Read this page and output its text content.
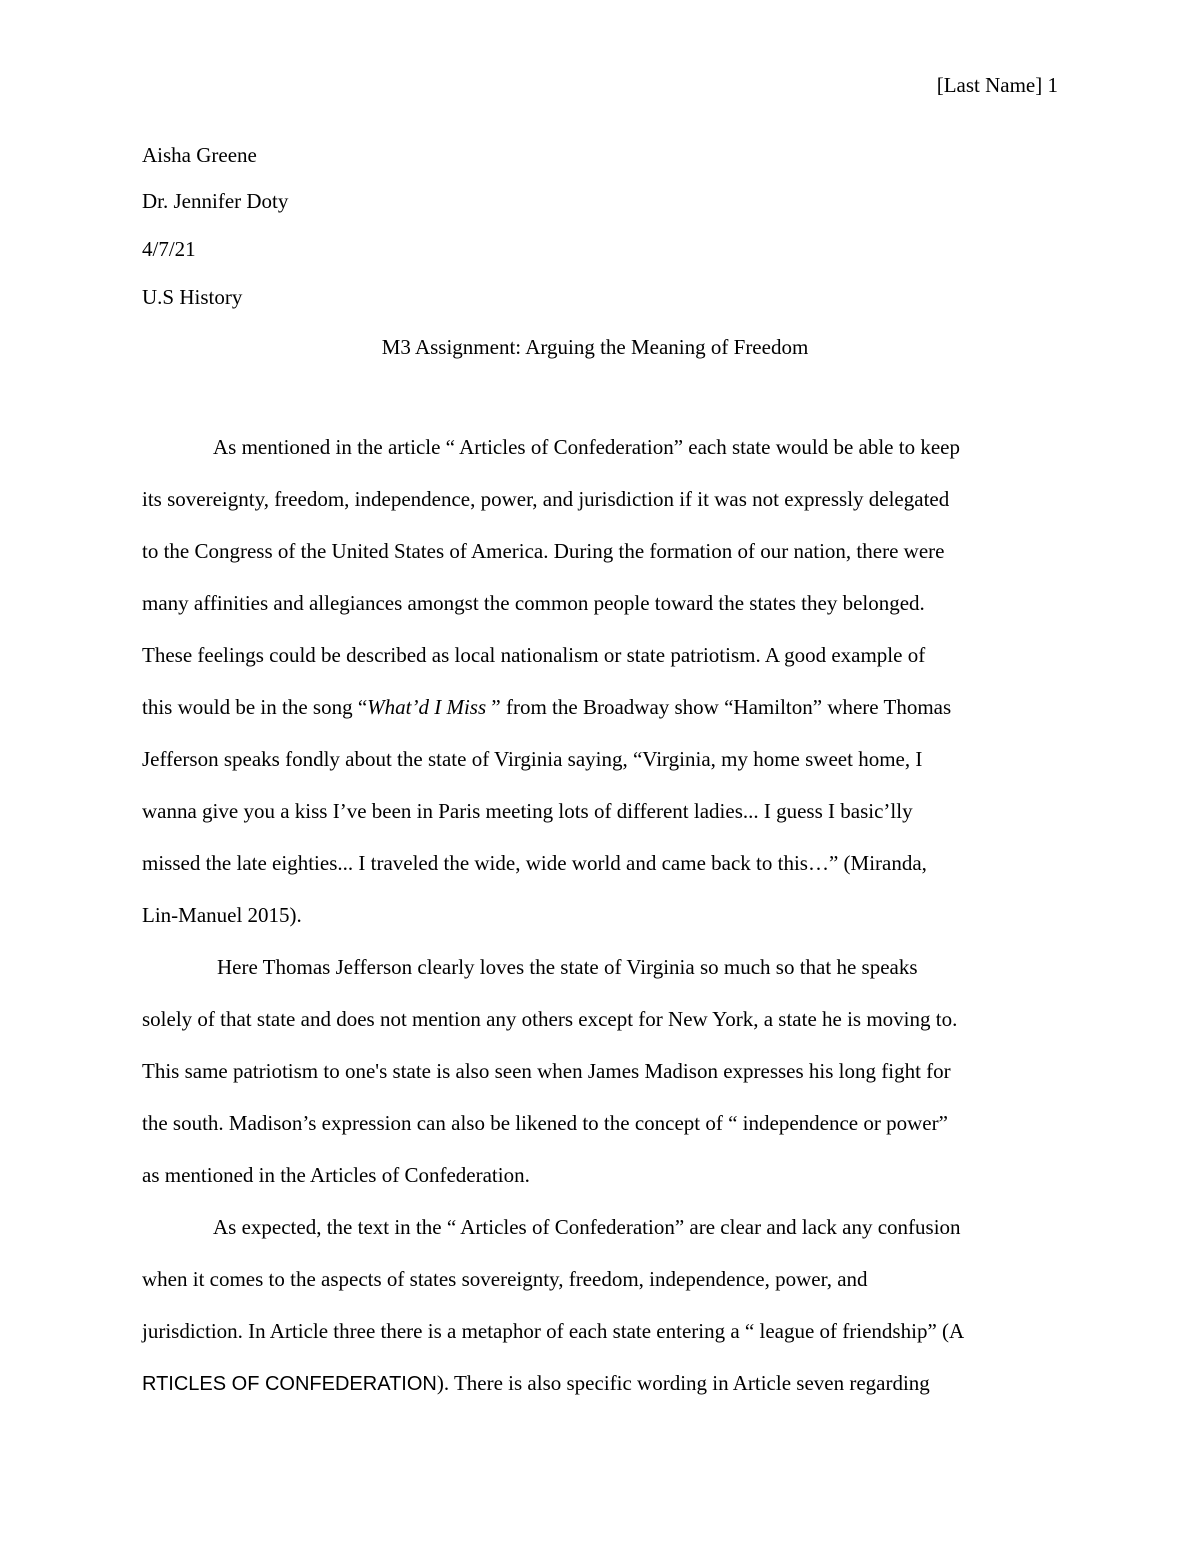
[Last Name] 1
Aisha Greene
Dr. Jennifer Doty
4/7/21
U.S History
M3 Assignment: Arguing the Meaning of Freedom
As mentioned in the article “ Articles of Confederation” each state would be able to keep
its sovereignty, freedom, independence, power, and jurisdiction if it was not expressly delegated
to the Congress of the United States of America. During the formation of our nation, there were
many affinities and allegiances amongst the common people toward the states they belonged.
These feelings could be described as local nationalism or state patriotism. A good example of
this would be in the song “What’d I Miss ” from the Broadway show “Hamilton” where Thomas
Jefferson speaks fondly about the state of Virginia saying, “Virginia, my home sweet home, I
wanna give you a kiss I’ve been in Paris meeting lots of different ladies... I guess I basic’lly
missed the late eighties... I traveled the wide, wide world and came back to this…” (Miranda,
Lin-Manuel 2015).
Here Thomas Jefferson clearly loves the state of Virginia so much so that he speaks
solely of that state and does not mention any others except for New York, a state he is moving to.
This same patriotism to one's state is also seen when James Madison expresses his long fight for
the south. Madison’s expression can also be likened to the concept of “ independence or power”
as mentioned in the Articles of Confederation.
As expected, the text in the “ Articles of Confederation” are clear and lack any confusion
when it comes to the aspects of states sovereignty, freedom, independence, power, and
jurisdiction. In Article three there is a metaphor of each state entering a “ league of friendship” (A
RTICLES OF CONFEDERATION). There is also specific wording in Article seven regarding
